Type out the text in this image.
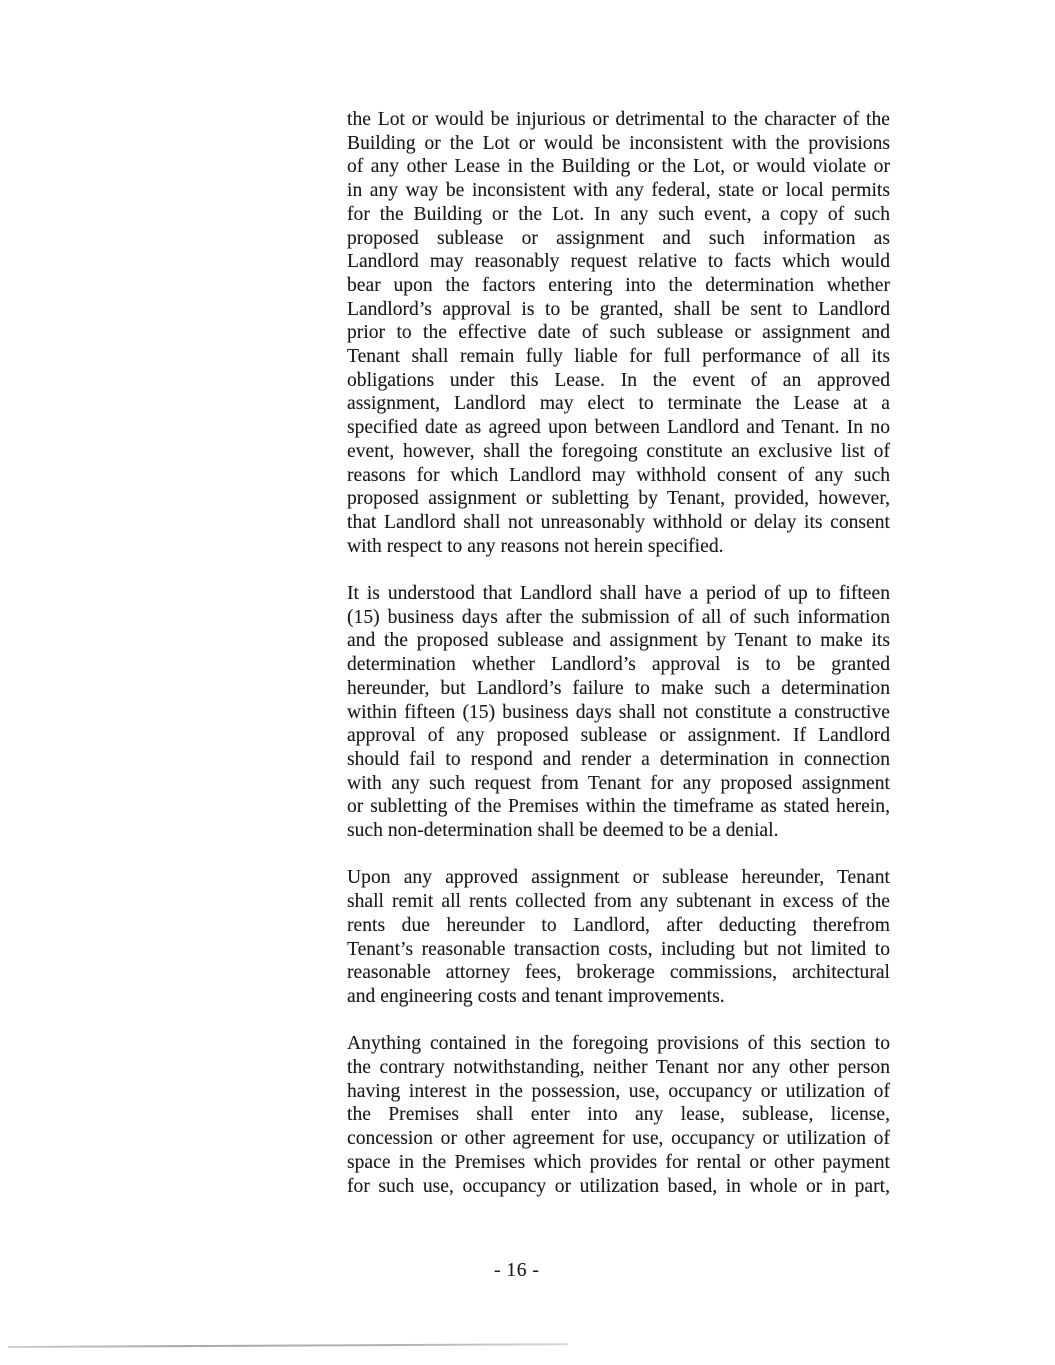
the Lot or would be injurious or detrimental to the character of the
Building or the Lot or would be inconsistent with the provisions
of any other Lease in the Building or the Lot, or would violate or
in any way be inconsistent with any federal, state or local permits
for the Building or the Lot. In any such event, a copy of such
proposed sublease or assignment and such information as
Landlord may reasonably request relative to facts which would
bear upon the factors entering into the determination whether
Landlord’s approval is to be granted, shall be sent to Landlord
prior to the effective date of such sublease or assignment and
Tenant shall remain fully liable for full performance of all its
obligations under this Lease. In the event of an approved
assignment, Landlord may elect to terminate the Lease at a
specified date as agreed upon between Landlord and Tenant. In no
event, however, shall the foregoing constitute an exclusive list of
reasons for which Landlord may withhold consent of any such
proposed assignment or subletting by Tenant, provided, however,
that Landlord shall not unreasonably withhold or delay its consent
with respect to any reasons not herein specified.
It is understood that Landlord shall have a period of up to fifteen
(15) business days after the submission of all of such information
and the proposed sublease and assignment by Tenant to make its
determination whether Landlord’s approval is to be granted
hereunder, but Landlord’s failure to make such a determination
within fifteen (15) business days shall not constitute a constructive
approval of any proposed sublease or assignment. If Landlord
should fail to respond and render a determination in connection
with any such request from Tenant for any proposed assignment
or subletting of the Premises within the timeframe as stated herein,
such non-determination shall be deemed to be a denial.
Upon any approved assignment or sublease hereunder, Tenant
shall remit all rents collected from any subtenant in excess of the
rents due hereunder to Landlord, after deducting therefrom
Tenant’s reasonable transaction costs, including but not limited to
reasonable attorney fees, brokerage commissions, architectural
and engineering costs and tenant improvements.
Anything contained in the foregoing provisions of this section to
the contrary notwithstanding, neither Tenant nor any other person
having interest in the possession, use, occupancy or utilization of
the Premises shall enter into any lease, sublease, license,
concession or other agreement for use, occupancy or utilization of
space in the Premises which provides for rental or other payment
for such use, occupancy or utilization based, in whole or in part,
- 16 -
